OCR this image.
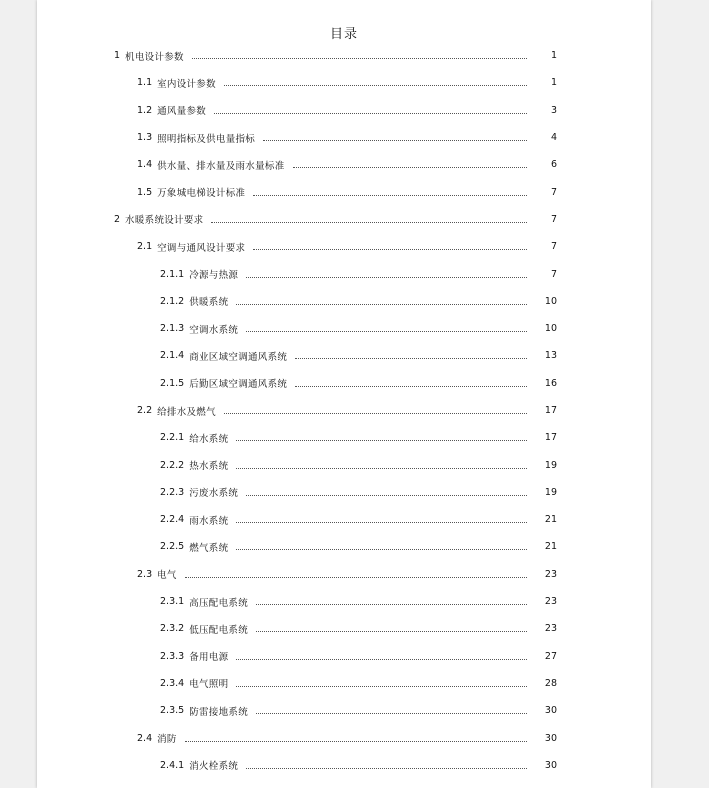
目录
1 机电设计参数	1
1.1 室内设计参数	1
1.2 通风量参数	3
1.3 照明指标及供电量指标	4
1.4 供水量、排水量及雨水量标准	6
1.5 万象城电梯设计标准	7
2 水暖系统设计要求	7
2.1 空调与通风设计要求	7
2.1.1 冷源与热源	7
2.1.2 供暖系统	10
2.1.3 空调水系统	10
2.1.4 商业区域空调通风系统	13
2.1.5 后勤区域空调通风系统	16
2.2 给排水及燃气	17
2.2.1 给水系统	17
2.2.2 热水系统	19
2.2.3 污废水系统	19
2.2.4 雨水系统	21
2.2.5 燃气系统	21
2.3 电气	23
2.3.1 高压配电系统	23
2.3.2 低压配电系统	23
2.3.3 备用电源	27
2.3.4 电气照明	28
2.3.5 防雷接地系统	30
2.4 消防	30
2.4.1 消火栓系统	30
